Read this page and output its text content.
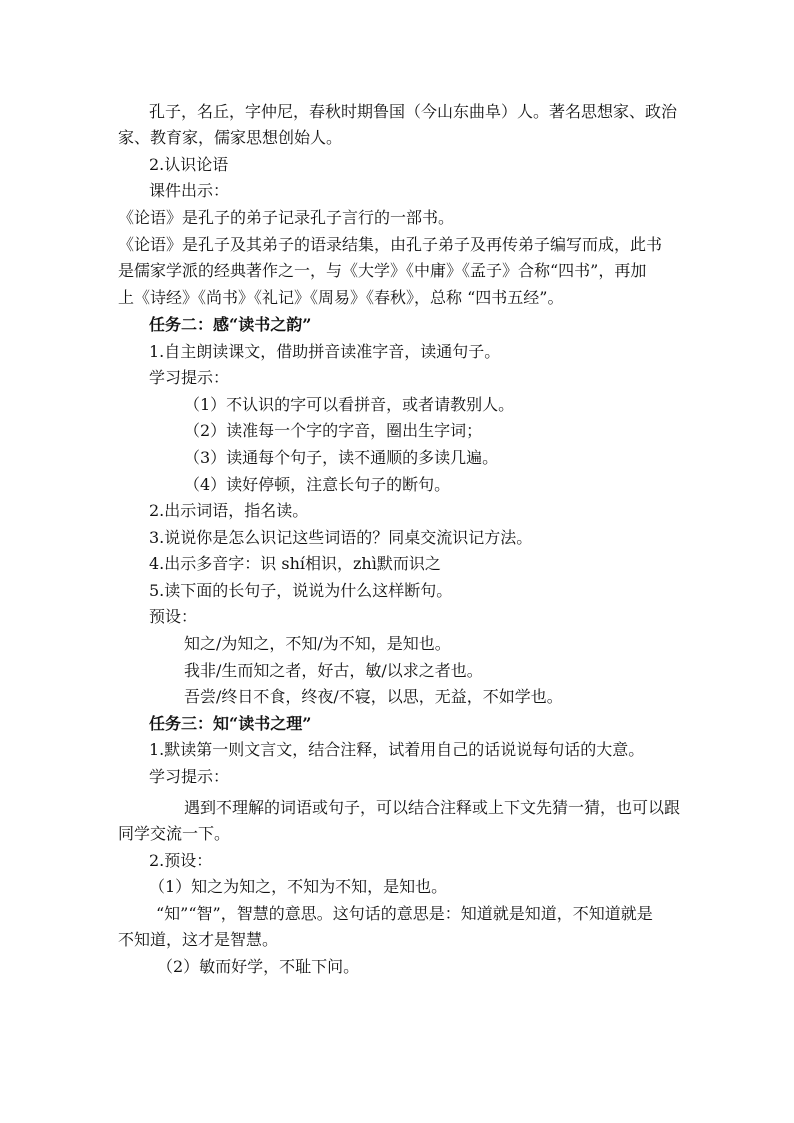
孔子，名丘，字仲尼，春秋时期鲁国（今山东曲阜）人。著名思想家、政治
家、教育家，儒家思想创始人。
2.认识论语
课件出示：
《论语》是孔子的弟子记录孔子言行的一部书。
《论语》是孔子及其弟子的语录结集，由孔子弟子及再传弟子编写而成，此书
是儒家学派的经典著作之一，与《大学》《中庸》《孟子》合称“四书”，再加
上《诗经》《尚书》《礼记》《周易》《春秋》，总称 “四书五经”。
任务二：感“读书之韵”
1.自主朗读课文，借助拼音读准字音，读通句子。
学习提示：
（1）不认识的字可以看拼音，或者请教别人。
（2）读准每一个字的字音，圈出生字词；
（3）读通每个句子，读不通顺的多读几遍。
（4）读好停顿，注意长句子的断句。
2.出示词语，指名读。
3.说说你是怎么识记这些词语的？同桌交流识记方法。
4.出示多音字：识 shí相识，zhì默而识之
5.读下面的长句子，说说为什么这样断句。
预设：
知之/为知之，不知/为不知，是知也。
我非/生而知之者，好古，敏/以求之者也。
吾尝/终日不食，终夜/不寝，以思，无益，不如学也。
任务三：知“读书之理”
1.默读第一则文言文，结合注释，试着用自己的话说说每句话的大意。
学习提示：
遇到不理解的词语或句子，可以结合注释或上下文先猜一猜，也可以跟
同学交流一下。
2.预设：
（1）知之为知之，不知为不知，是知也。
“知”“智”，智慧的意思。这句话的意思是：知道就是知道，不知道就是
不知道，这才是智慧。
（2）敏而好学，不耻下问。
